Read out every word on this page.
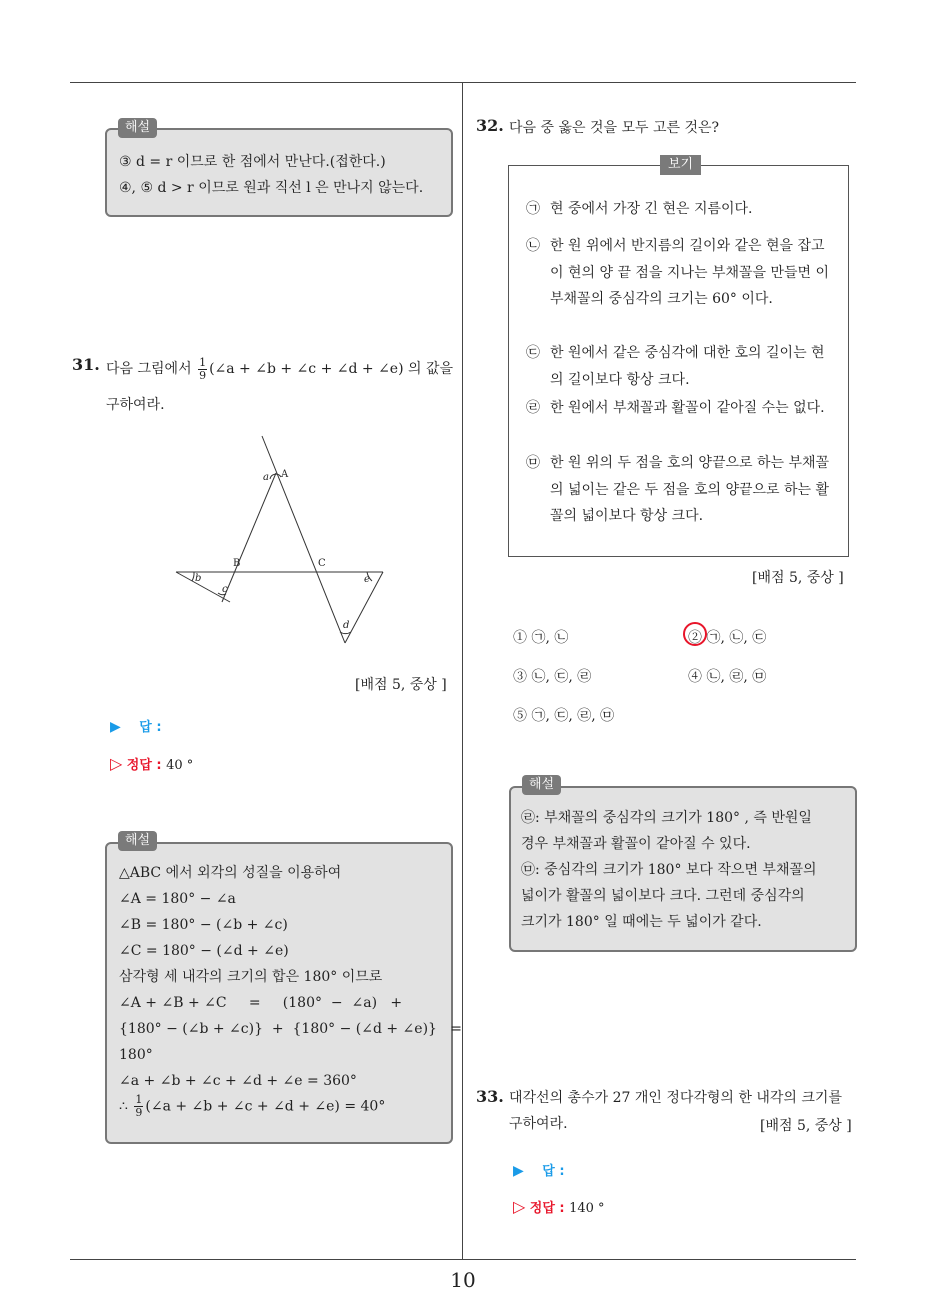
10
③ d = r 이므로 한 점에서 만난다.(접한다.)
④, ⑤ d > r 이므로 원과 직선 l 은 만나지 않는다.
해설
31. 다음 그림에서 $\frac{1}{9}$ (∠a + ∠b + ∠c + ∠d + ∠e) 의 값을
구하여라.
A
B	C
a
b
c
e
d
[배점 5, 중상 ]
▶ 답 :
▷ 정답 : 40 °
△ABC 에서 외각의 성질을 이용하여
∠A = 180° − ∠a
∠B = 180° − (∠b + ∠c)
∠C = 180° − (∠d + ∠e)
삼각형 세 내각의 크기의 합은 180° 이므로
∠A + ∠B + ∠C     =     (180°  −  ∠a)   +
{180° − (∠b + ∠c)}  +  {180° − (∠d + ∠e)}   =
180°
∠a + ∠b + ∠c + ∠d + ∠e = 360°
∴ $\frac{1}{9}$ (∠a + ∠b + ∠c + ∠d + ∠e) = 40°
해설
32. 다음 중 옳은 것을 모두 고른 것은?
보기
㉠ 현 중에서 가장 긴 현은 지름이다.
㉡ 한 원 위에서 반지름의 길이와 같은 현을 잡고 이 현의 양 끝 점을 지나는 부채꼴을 만들면 이 부채꼴의 중심각의 크기는 60° 이다.
㉢ 한 원에서 같은 중심각에 대한 호의 길이는 현의 길이보다 항상 크다.
㉣ 한 원에서 부채꼴과 활꼴이 같아질 수는 없다.
㉤ 한 원 위의 두 점을 호의 양끝으로 하는 부채꼴의 넓이는 같은 두 점을 호의 양끝으로 하는 활꼴의 넓이보다 항상 크다.
[배점 5, 중상 ]
① ㉠, ㉡	② ㉠, ㉡, ㉢
③ ㉡, ㉢, ㉣	④ ㉡, ㉣, ㉤
⑤ ㉠, ㉢, ㉣, ㉤
㉣: 부채꼴의 중심각의 크기가 180° , 즉 반원일
경우 부채꼴과 활꼴이 같아질 수 있다.
㉤: 중심각의 크기가 180° 보다 작으면 부채꼴의
넓이가 활꼴의 넓이보다 크다. 그런데 중심각의
크기가 180° 일 때에는 두 넓이가 같다.
해설
33. 대각선의 총수가 27 개인 정다각형의 한 내각의 크기를
구하여라.	[배점 5, 중상 ]
▶ 답 :
▷ 정답 : 140 °
